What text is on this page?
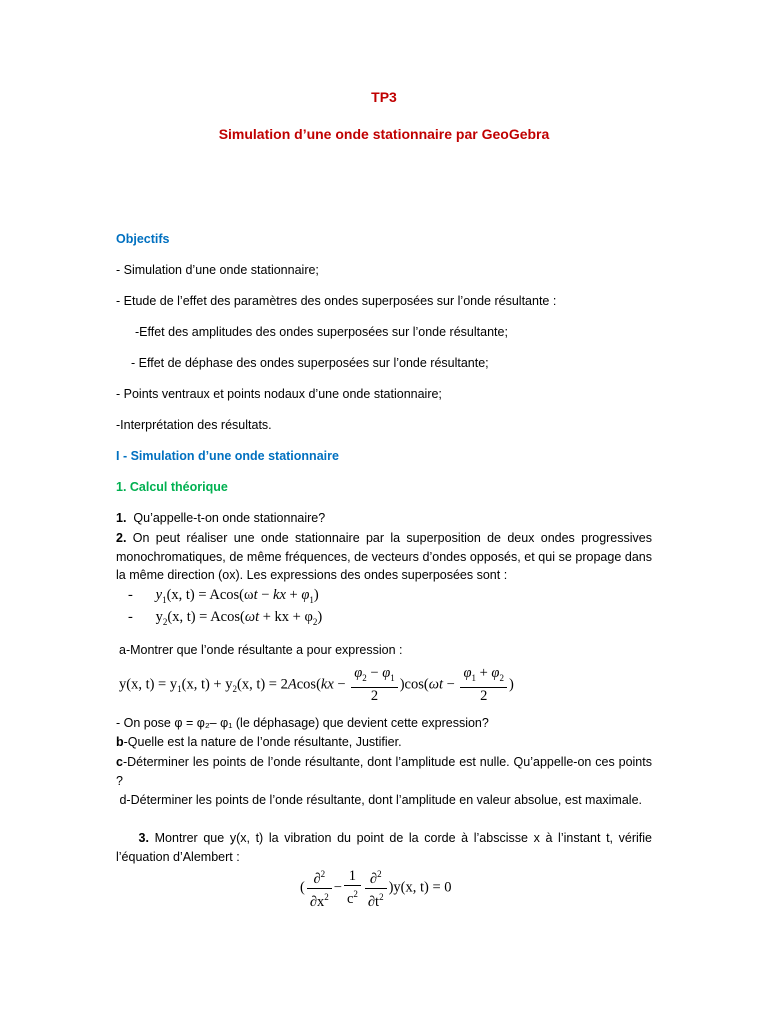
TP3
Simulation d’une onde stationnaire par GeoGebra
Objectifs
- Simulation d’une onde stationnaire;
- Etude de l’effet des paramètres des ondes superposées sur l’onde résultante :
-Effet des amplitudes des ondes superposées sur l’onde résultante;
- Effet de déphase des ondes superposées sur l’onde résultante;
- Points ventraux et points nodaux d’une onde stationnaire;
-Interprétation des résultats.
I - Simulation d’une onde stationnaire
1. Calcul théorique
1. Qu’appelle-t-on onde stationnaire?
2. On peut réaliser une onde stationnaire par la superposition de deux ondes progressives monochromatiques, de même fréquences, de vecteurs d’ondes opposés, et qui se propage dans la même direction (ox). Les expressions des ondes superposées sont :
- $y_1(x$, t) = Acos(ωt − kx + $\varphi_1$)
- $y_2(x$, t) = Acos(ωt + kx + $\varphi_2$)
a-Montrer que l’onde résultante a pour expression :
y(x, $t) = y_1(x$, $t) + y_2(x$, $t) = 2Acos(kx - \frac{\varphi_2 - \varphi_1}{2} )\cos(\omega t - \frac{\varphi_1 + \varphi_2}{2}$ )
- On pose φ = φ₂– φ₁ (le déphasage) que devient cette expression?
b-Quelle est la nature de l’onde résultante, Justifier.
c-Déterminer les points de l’onde résultante, dont l’amplitude est nulle. Qu’appelle-on ces points ?
d-Déterminer les points de l’onde résultante, dont l’amplitude en valeur absolue, est maximale.
3. Montrer que y(x, t) la vibration du point de la corde à l’abscisse x à l’instant t, vérifie l’équation d’Alembert :
( $\frac{\partial^2}{\partial x^2} - \frac{1}{c^2} \frac{\partial^2}{\partial t^2} )y(x$, t) = 0
